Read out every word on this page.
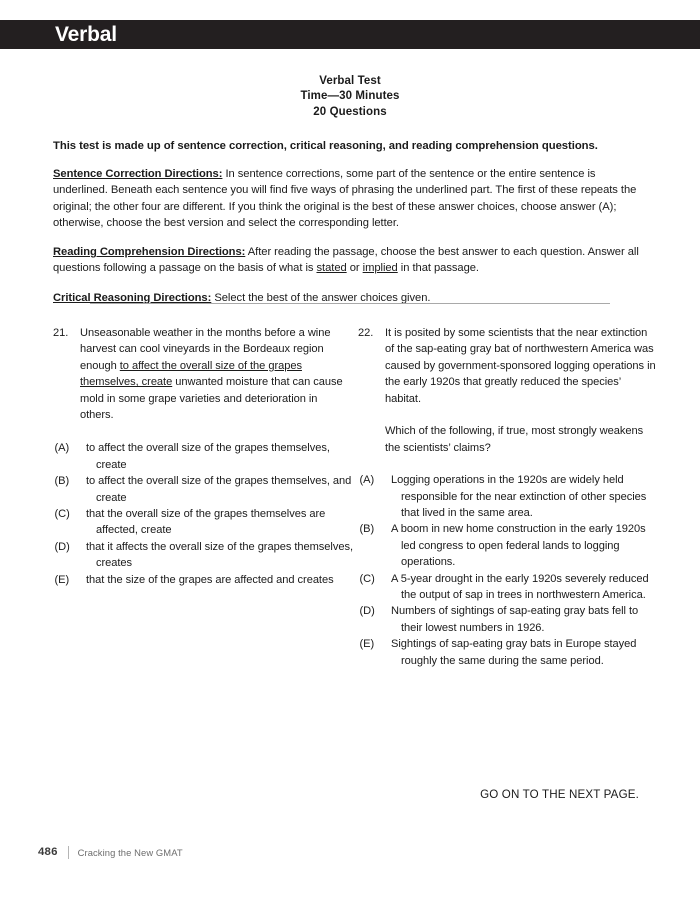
Verbal
Verbal Test
Time—30 Minutes
20 Questions

This test is made up of sentence correction, critical reasoning, and reading comprehension questions.

Sentence Correction Directions: In sentence corrections, some part of the sentence or the entire sentence is underlined. Beneath each sentence you will find five ways of phrasing the underlined part. The first of these repeats the original; the other four are different. If you think the original is the best of these answer choices, choose answer (A); otherwise, choose the best version and select the corresponding letter.

Reading Comprehension Directions: After reading the passage, choose the best answer to each question. Answer all questions following a passage on the basis of what is stated or implied in that passage.

Critical Reasoning Directions: Select the best of the answer choices given.

21.	Unseasonable weather in the months before a wine harvest can cool vineyards in the Bordeaux region enough to affect the overall size of the grapes themselves, create unwanted moisture that can cause mold in some grape varieties and deterioration in others.

(A)	to affect the overall size of the grapes themselves, create
(B)	to affect the overall size of the grapes themselves, and create
(C)	that the overall size of the grapes themselves are affected, create
(D)	that it affects the overall size of the grapes themselves, creates
(E)	that the size of the grapes are affected and creates
22.	It is posited by some scientists that the near extinction of the sap-eating gray bat of northwestern America was caused by government-sponsored logging operations in the early 1920s that greatly reduced the species’ habitat.

Which of the following, if true, most strongly weakens the scientists’ claims?

(A)	Logging operations in the 1920s are widely held responsible for the near extinction of other species that lived in the same area.
(B)	A boom in new home construction in the early 1920s led congress to open federal lands to logging operations.
(C)	A 5-year drought in the early 1920s severely reduced the output of sap in trees in northwestern America.
(D)	Numbers of sightings of sap-eating gray bats fell to their lowest numbers in 1926.
(E)	Sightings of sap-eating gray bats in Europe stayed roughly the same during the same period.
GO ON TO THE NEXT PAGE.
486 Cracking the New GMAT
